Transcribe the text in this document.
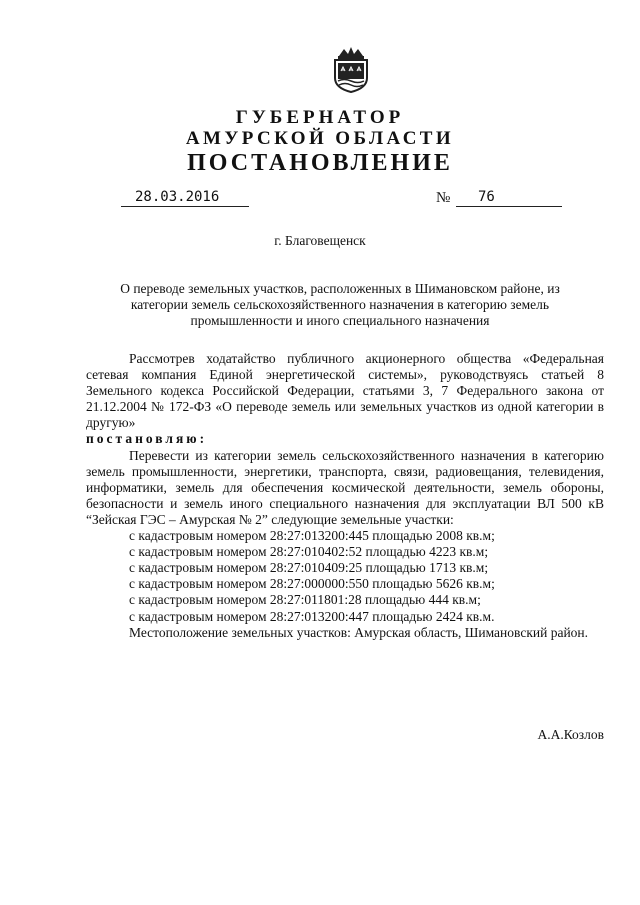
ГУБЕРНАТОР
АМУРСКОЙ ОБЛАСТИ
ПОСТАНОВЛЕНИЕ
28.03.2016	№	76
г. Благовещенск
О переводе земельных участков, расположенных в Шимановском районе, из категории земель сельскохозяйственного назначения в категорию земель промышленности и иного специального назначения

Рассмотрев ходатайство публичного акционерного общества «Федеральная сетевая компания Единой энергетической системы», руководствуясь статьей 8 Земельного кодекса Российской Федерации, статьями 3, 7 Федерального закона от 21.12.2004 № 172-ФЗ «О переводе земель или земельных участков из одной категории в другую»

постановляю:

Перевести из категории земель сельскохозяйственного назначения в категорию земель промышленности, энергетики, транспорта, связи, радиовещания, телевидения, информатики, земель для обеспечения космической деятельности, земель обороны, безопасности и земель иного специального назначения для эксплуатации ВЛ 500 кВ “Зейская ГЭС – Амурская № 2” следующие земельные участки:

с кадастровым номером 28:27:013200:445 площадью 2008 кв.м;

с кадастровым номером 28:27:010402:52 площадью 4223 кв.м;

с кадастровым номером 28:27:010409:25 площадью 1713 кв.м;

с кадастровым номером 28:27:000000:550 площадью 5626 кв.м;

с кадастровым номером 28:27:011801:28 площадью 444 кв.м;

с кадастровым номером 28:27:013200:447 площадью 2424 кв.м.

Местоположение земельных участков: Амурская область, Шимановский район.

А.А.Козлов
